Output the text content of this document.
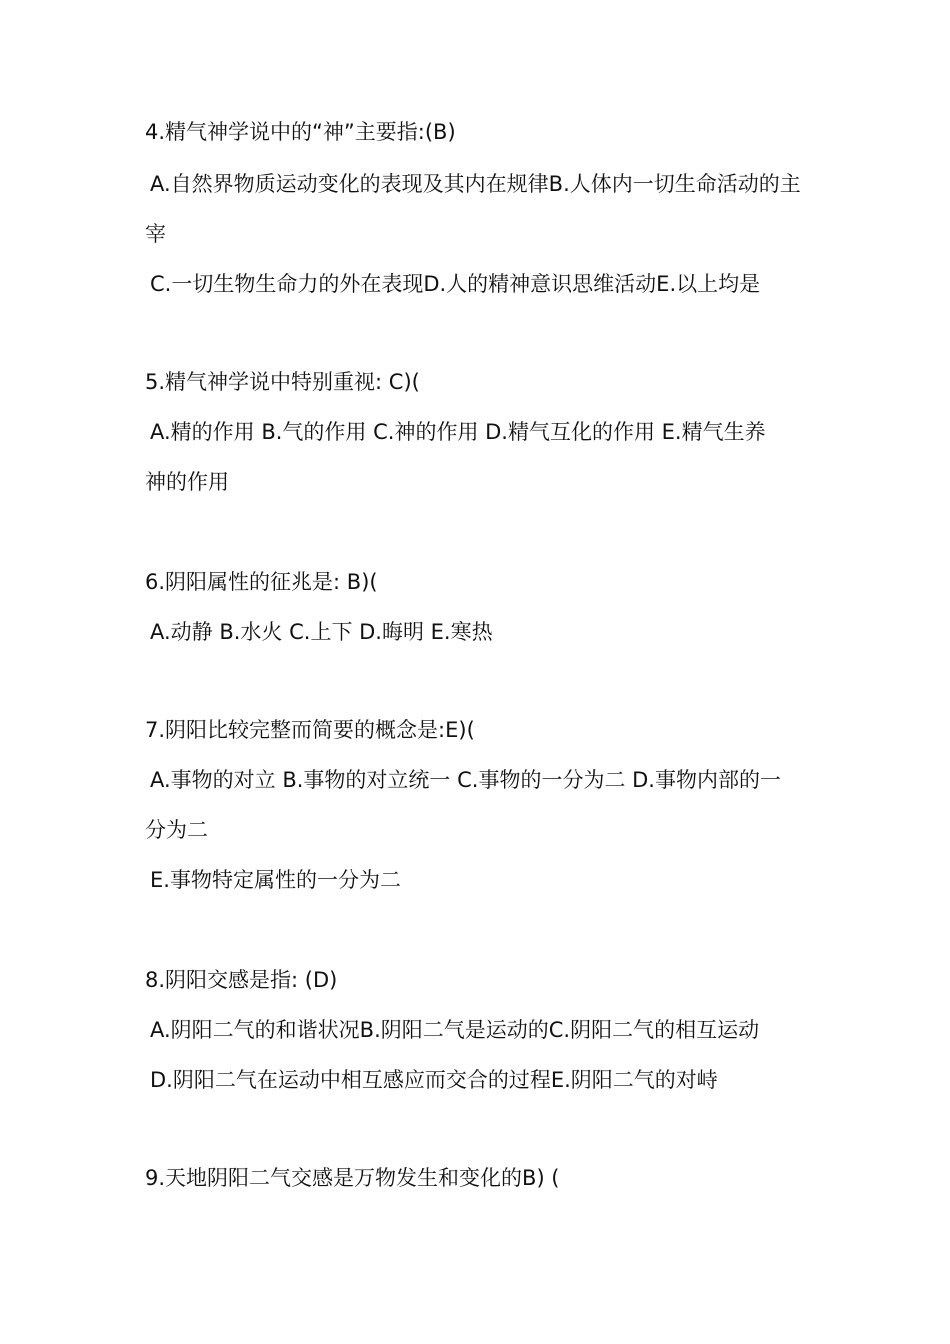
4.精气神学说中的“神”主要指:(B)
A.自然界物质运动变化的表现及其内在规律B.人体内一切生命活动的主
宰
C.一切生物生命力的外在表现D.人的精神意识思维活动E.以上均是
5.精气神学说中特别重视: C)(
A.精的作用 B.气的作用 C.神的作用 D.精气互化的作用 E.精气生养
神的作用
6.阴阳属性的征兆是: B)(
A.动静 B.水火 C.上下 D.晦明 E.寒热
7.阴阳比较完整而简要的概念是:E)(
A.事物的对立 B.事物的对立统一 C.事物的一分为二 D.事物内部的一
分为二
E.事物特定属性的一分为二
8.阴阳交感是指: (D)
A.阴阳二气的和谐状况B.阴阳二气是运动的C.阴阳二气的相互运动
D.阴阳二气在运动中相互感应而交合的过程E.阴阳二气的对峙
9.天地阴阳二气交感是万物发生和变化的B) (
